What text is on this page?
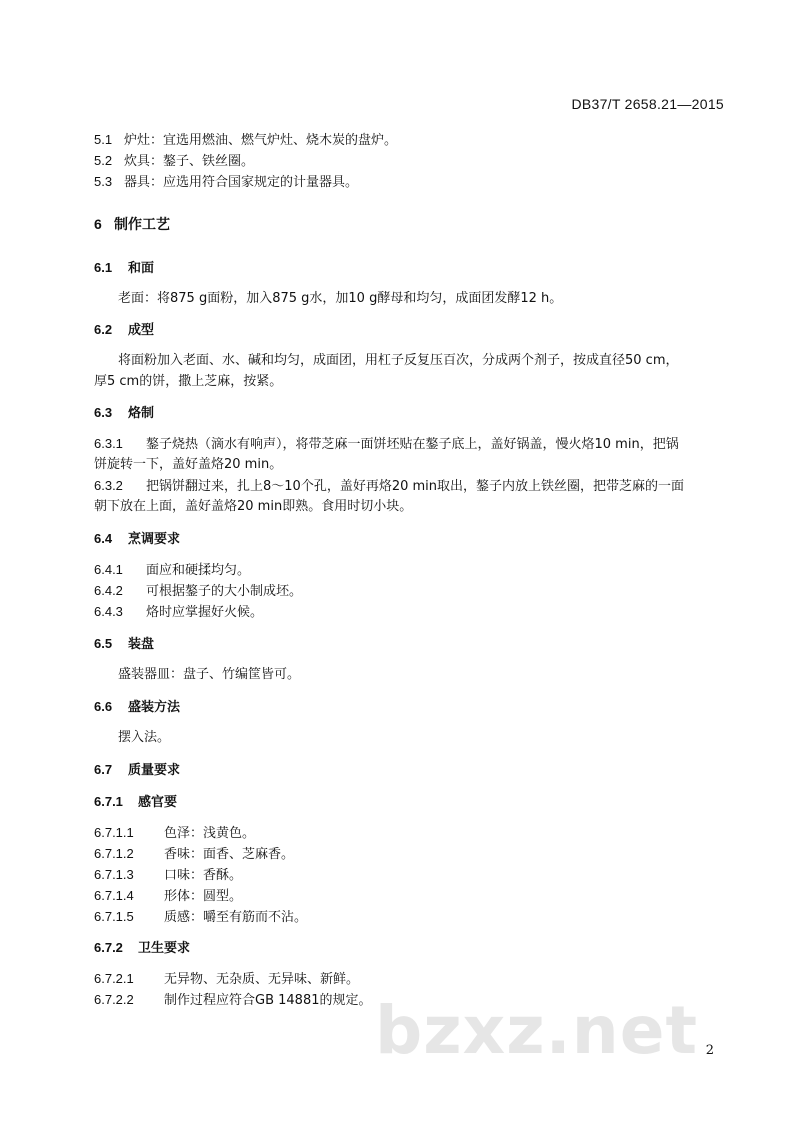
DB37/T 2658.21—2015
5.1 炉灶：宜选用燃油、燃气炉灶、烧木炭的盘炉。
5.2 炊具：鏊子、铁丝圈。
5.3 器具：应选用符合国家规定的计量器具。
6 制作工艺
6.1 和面
老面：将875 g面粉，加入875 g水，加10 g酵母和均匀，成面团发酵12 h。
6.2 成型
将面粉加入老面、水、碱和均匀，成面团，用杠子反复压百次，分成两个剂子，按成直径50 cm，
厚5 cm的饼，撒上芝麻，按紧。
6.3 烙制
6.3.1 鏊子烧热（滴水有响声），将带芝麻一面饼坯贴在鏊子底上，盖好锅盖，慢火烙10 min，把锅
饼旋转一下，盖好盖烙20 min。
6.3.2 把锅饼翻过来，扎上8～10个孔，盖好再烙20 min取出，鏊子内放上铁丝圈，把带芝麻的一面
朝下放在上面，盖好盖烙20 min即熟。食用时切小块。
6.4 烹调要求
6.4.1 面应和硬揉均匀。
6.4.2 可根据鏊子的大小制成坯。
6.4.3 烙时应掌握好火候。
6.5 装盘
盛装器皿：盘子、竹编筐皆可。
6.6 盛装方法
摆入法。
6.7 质量要求
6.7.1 感官要
6.7.1.1 色泽：浅黄色。
6.7.1.2 香味：面香、芝麻香。
6.7.1.3 口味：香酥。
6.7.1.4 形体：圆型。
6.7.1.5 质感：嚼至有筋而不沾。
6.7.2 卫生要求
6.7.2.1 无异物、无杂质、无异味、新鲜。
6.7.2.2 制作过程应符合GB 14881的规定。 bzxz.net 2
